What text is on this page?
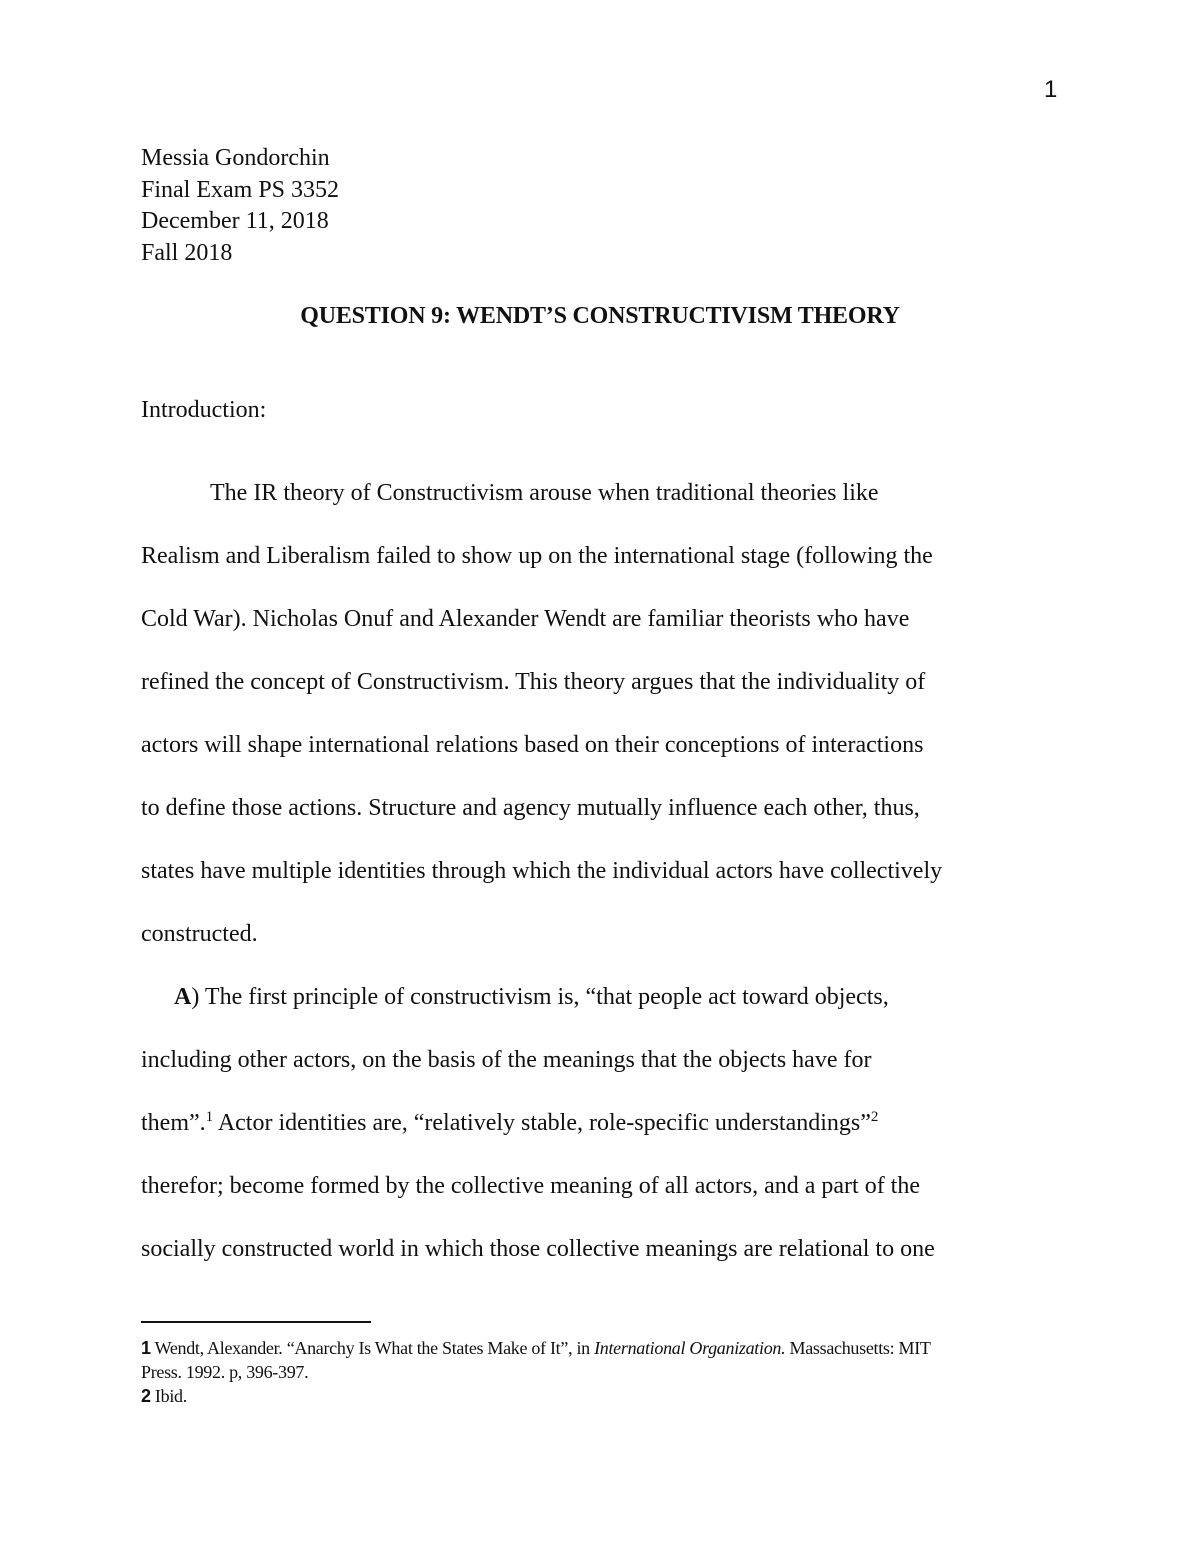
1
Messia Gondorchin
Final Exam PS 3352
December 11, 2018
Fall 2018
QUESTION 9: WENDT’S CONSTRUCTIVISM THEORY
Introduction:
The IR theory of Constructivism arouse when traditional theories like
Realism and Liberalism failed to show up on the international stage (following the
Cold War). Nicholas Onuf and Alexander Wendt are familiar theorists who have
refined the concept of Constructivism. This theory argues that the individuality of
actors will shape international relations based on their conceptions of interactions
to define those actions. Structure and agency mutually influence each other, thus,
states have multiple identities through which the individual actors have collectively
constructed.
A) The first principle of constructivism is, “that people act toward objects,
including other actors, on the basis of the meanings that the objects have for
them”.$^1$ Actor identities are, “relatively stable, role-specific understandings”$^2$
therefor; become formed by the collective meaning of all actors, and a part of the
socially constructed world in which those collective meanings are relational to one
1 Wendt, Alexander. “Anarchy Is What the States Make of It”, in International Organization. Massachusetts: MIT
Press. 1992. p, 396-397.
2 Ibid.
